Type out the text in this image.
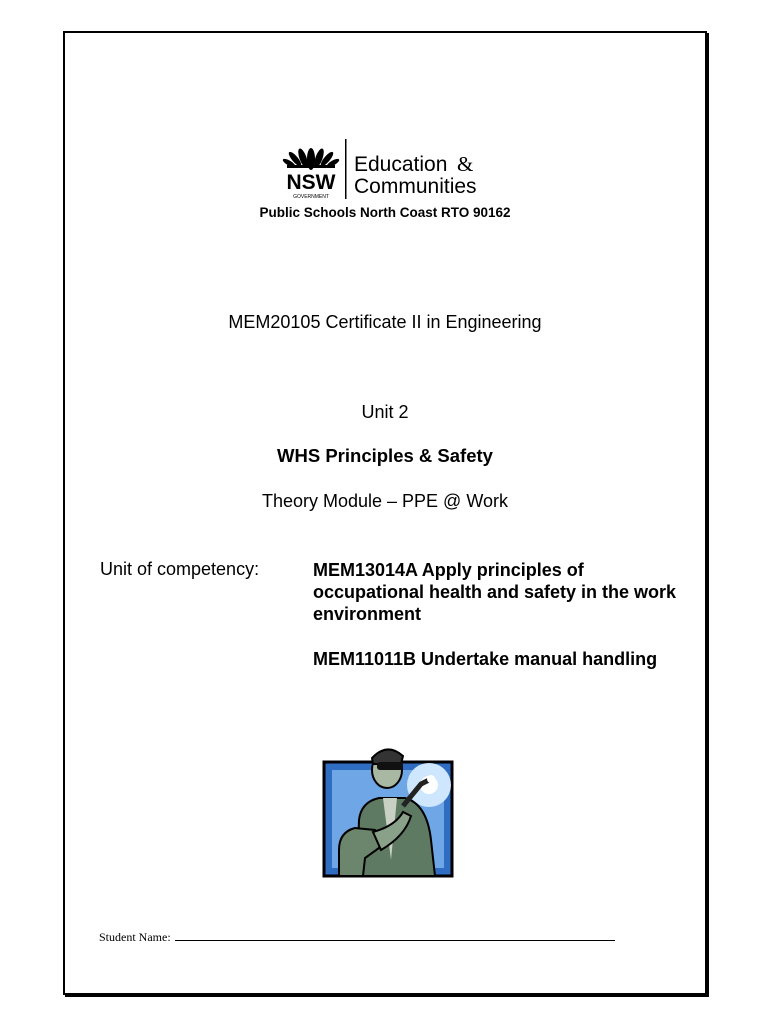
NSW
GOVERNMENT
Education &
Communities
Public Schools North Coast RTO 90162
MEM20105 Certificate II in Engineering
Unit 2
WHS Principles & Safety
Theory Module – PPE @ Work
Unit of competency:	MEM13014A Apply principles of occupational health and safety in the work environment
MEM11011B Undertake manual handling
Student Name:
